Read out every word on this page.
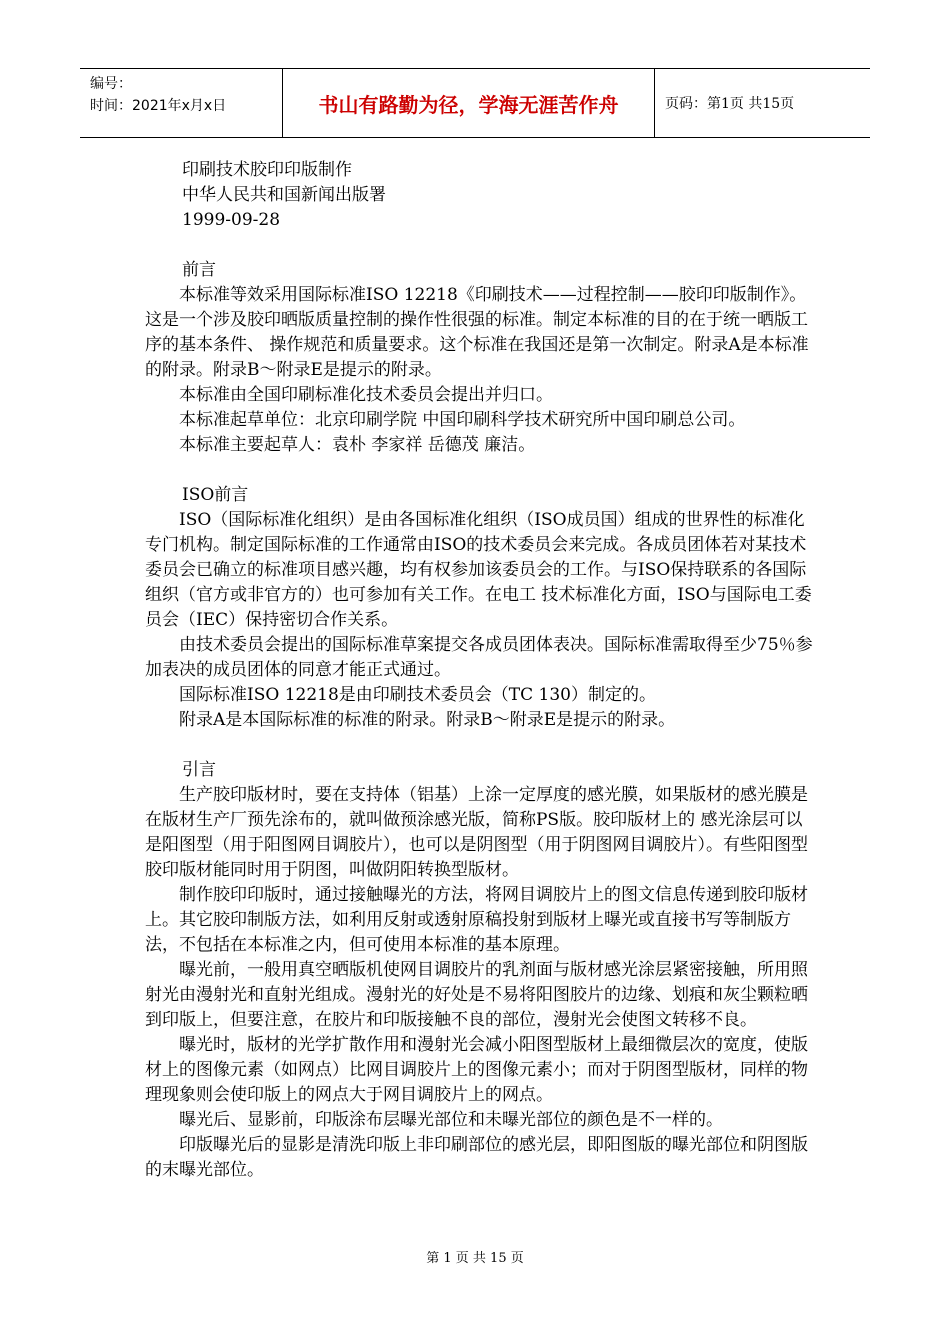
编号：
时间：2021年x月x日	书山有路勤为径，学海无涯苦作舟	页码：第1页 共15页

印刷技术胶印印版制作

中华人民共和国新闻出版署

1999-09-28

前言

本标准等效采用国际标准ISO 12218《印刷技术——过程控制——胶印印版制作》。这是一个涉及胶印晒版质量控制的操作性很强的标准。制定本标准的目的在于统一晒版工序的基本条件、 操作规范和质量要求。这个标准在我国还是第一次制定。附录A是本标准的附录。附录B～附录E是提示的附录。

本标准由全国印刷标准化技术委员会提出并归口。

本标准起草单位：北京印刷学院 中国印刷科学技术研究所中国印刷总公司。

本标准主要起草人：袁朴 李家祥 岳德茂 廉洁。

ISO前言

ISO（国际标准化组织）是由各国标准化组织（ISO成员国）组成的世界性的标准化专门机构。制定国际标准的工作通常由ISO的技术委员会来完成。各成员团体若对某技术委员会已确立的标准项目感兴趣，均有权参加该委员会的工作。与ISO保持联系的各国际组织（官方或非官方的）也可参加有关工作。在电工 技术标准化方面，ISO与国际电工委员会（IEC）保持密切合作关系。

由技术委员会提出的国际标准草案提交各成员团体表决。国际标准需取得至少75％参加表决的成员团体的同意才能正式通过。

国际标准ISO 12218是由印刷技术委员会（TC 130）制定的。

附录A是本国际标准的标准的附录。附录B～附录E是提示的附录。

引言

生产胶印版材时，要在支持体（铝基）上涂一定厚度的感光膜，如果版材的感光膜是在版材生产厂预先涂布的，就叫做预涂感光版，简称PS版。胶印版材上的 感光涂层可以是阳图型（用于阳图网目调胶片），也可以是阴图型（用于阴图网目调胶片）。有些阳图型胶印版材能同时用于阴图，叫做阴阳转换型版材。

制作胶印印版时，通过接触曝光的方法，将网目调胶片上的图文信息传递到胶印版材上。其它胶印制版方法，如利用反射或透射原稿投射到版材上曝光或直接书写等制版方法，不包括在本标准之内，但可使用本标准的基本原理。

曝光前，一般用真空晒版机使网目调胶片的乳剂面与版材感光涂层紧密接触，所用照射光由漫射光和直射光组成。漫射光的好处是不易将阳图胶片的边缘、划痕和灰尘颗粒晒到印版上，但要注意，在胶片和印版接触不良的部位，漫射光会使图文转移不良。

曝光时，版材的光学扩散作用和漫射光会减小阳图型版材上最细微层次的宽度，使版材上的图像元素（如网点）比网目调胶片上的图像元素小；而对于阴图型版材，同样的物理现象则会使印版上的网点大于网目调胶片上的网点。

曝光后、显影前，印版涂布层曝光部位和未曝光部位的颜色是不一样的。

印版曝光后的显影是清洗印版上非印刷部位的感光层，即阳图版的曝光部位和阴图版的末曝光部位。

第 1 页 共 15 页
